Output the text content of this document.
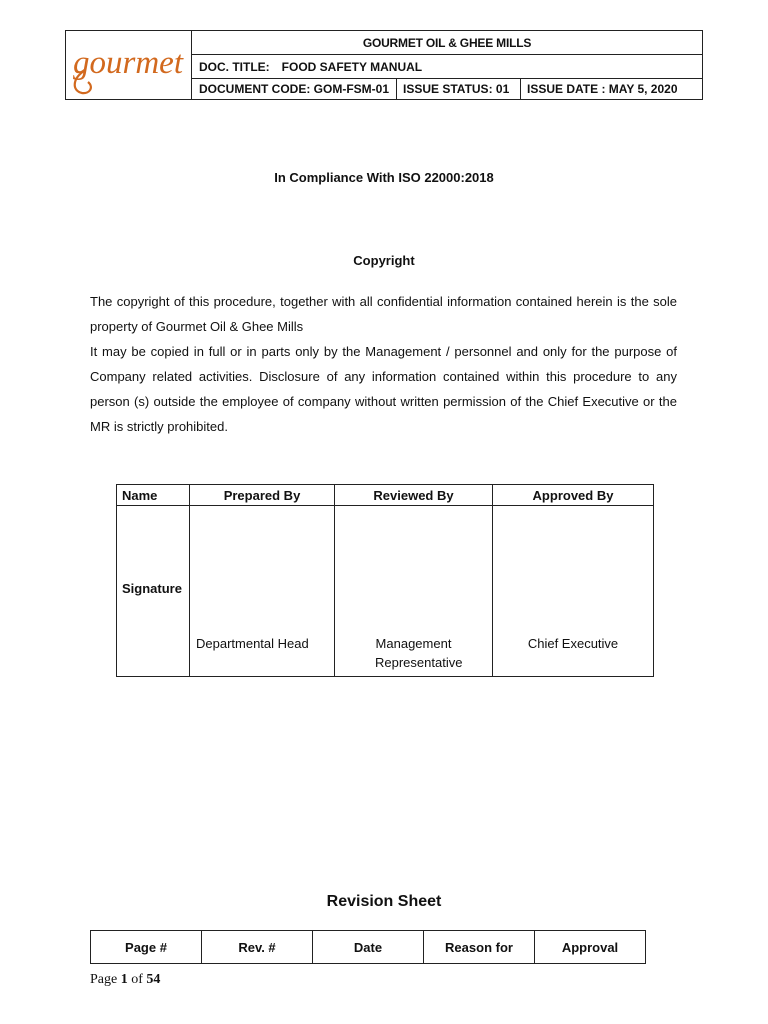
gourmet
GOURMET OIL & GHEE MILLS
DOC. TITLE: FOOD SAFETY MANUAL
DOCUMENT CODE: GOM-FSM-01	ISSUE STATUS: 01	ISSUE DATE : MAY 5, 2020
In Compliance With ISO 22000:2018
Copyright

The copyright of this procedure, together with all confidential information contained herein is the sole property of Gourmet Oil & Ghee Mills

It may be copied in full or in parts only by the Management / personnel and only for the purpose of Company related activities. Disclosure of any information contained within this procedure to any person (s) outside the employee of company without written permission of the Chief Executive or the MR is strictly prohibited.

Name	Prepared By	Reviewed By	Approved By

Signature	Departmental Head	Management Representative	Chief Executive
Revision Sheet
Page #	Rev. #	Date	Reason for	Approval
Page 1 of 54
